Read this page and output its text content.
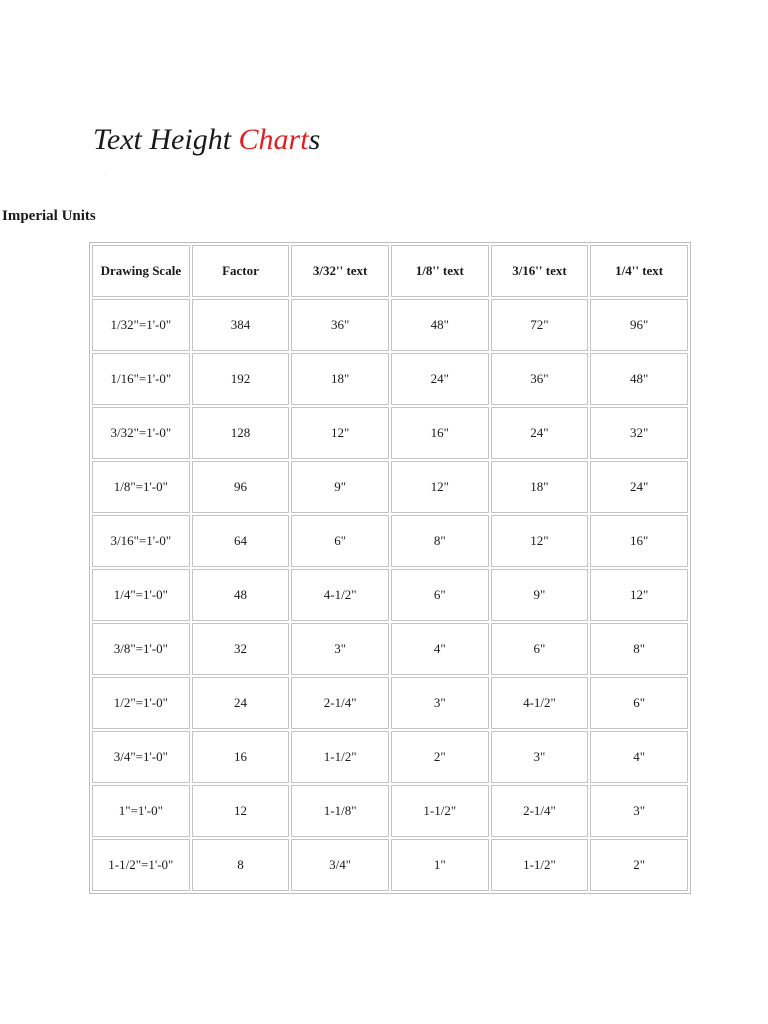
Text Height Charts
·
Imperial Units
Drawing Scale	Factor	3/32'' text	1/8'' text	3/16'' text	1/4'' text
1/32"=1'-0"	384	36"	48"	72"	96"
1/16"=1'-0"	192	18"	24"	36"	48"
3/32"=1'-0"	128	12"	16"	24"	32"
1/8"=1'-0"	96	9"	12"	18"	24"
3/16"=1'-0"	64	6"	8"	12"	16"
1/4"=1'-0"	48	4-1/2"	6"	9"	12"
3/8"=1'-0"	32	3"	4"	6"	8"
1/2"=1'-0"	24	2-1/4"	3"	4-1/2"	6"
3/4"=1'-0"	16	1-1/2"	2"	3"	4"
1"=1'-0"	12	1-1/8"	1-1/2"	2-1/4"	3"
1-1/2"=1'-0"	8	3/4"	1"	1-1/2"	2"
